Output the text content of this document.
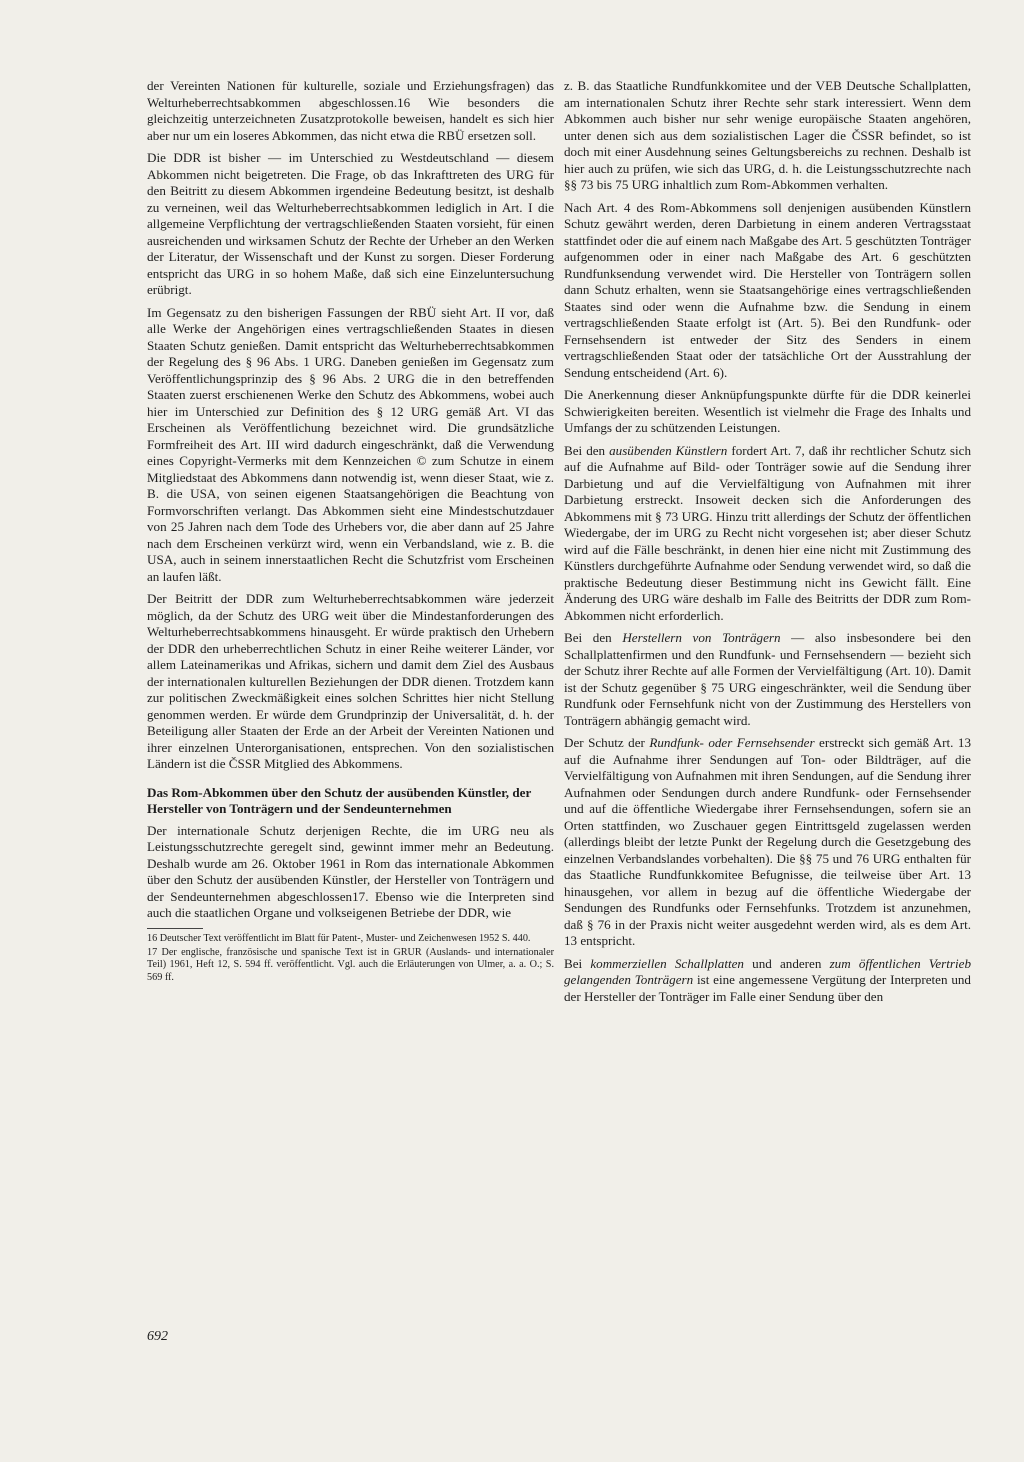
der Vereinten Nationen für kulturelle, soziale und Erziehungsfragen) das Welturheberrechtsabkommen abgeschlossen.16 Wie besonders die gleichzeitig unterzeichneten Zusatzprotokolle beweisen, handelt es sich hier aber nur um ein loseres Abkommen, das nicht etwa die RBÜ ersetzen soll.

Die DDR ist bisher — im Unterschied zu Westdeutschland — diesem Abkommen nicht beigetreten. Die Frage, ob das Inkrafttreten des URG für den Beitritt zu diesem Abkommen irgendeine Bedeutung besitzt, ist deshalb zu verneinen, weil das Welturheberrechtsabkommen lediglich in Art. I die allgemeine Verpflichtung der vertragschließenden Staaten vorsieht, für einen ausreichenden und wirksamen Schutz der Rechte der Urheber an den Werken der Literatur, der Wissenschaft und der Kunst zu sorgen. Dieser Forderung entspricht das URG in so hohem Maße, daß sich eine Einzeluntersuchung erübrigt.

Im Gegensatz zu den bisherigen Fassungen der RBÜ sieht Art. II vor, daß alle Werke der Angehörigen eines vertragschließenden Staates in diesen Staaten Schutz genießen. Damit entspricht das Welturheberrechtsabkommen der Regelung des § 96 Abs. 1 URG. Daneben genießen im Gegensatz zum Veröffentlichungsprinzip des § 96 Abs. 2 URG die in den betreffenden Staaten zuerst erschienenen Werke den Schutz des Abkommens, wobei auch hier im Unterschied zur Definition des § 12 URG gemäß Art. VI das Erscheinen als Veröffentlichung bezeichnet wird. Die grundsätzliche Formfreiheit des Art. III wird dadurch eingeschränkt, daß die Verwendung eines Copyright-Vermerks mit dem Kennzeichen © zum Schutze in einem Mitgliedstaat des Abkommens dann notwendig ist, wenn dieser Staat, wie z. B. die USA, von seinen eigenen Staatsangehörigen die Beachtung von Formvorschriften verlangt. Das Abkommen sieht eine Mindestschutzdauer von 25 Jahren nach dem Tode des Urhebers vor, die aber dann auf 25 Jahre nach dem Erscheinen verkürzt wird, wenn ein Verbandsland, wie z. B. die USA, auch in seinem innerstaatlichen Recht die Schutzfrist vom Erscheinen an laufen läßt.

Der Beitritt der DDR zum Welturheberrechtsabkommen wäre jederzeit möglich, da der Schutz des URG weit über die Mindestanforderungen des Welturheberrechtsabkommens hinausgeht. Er würde praktisch den Urhebern der DDR den urheberrechtlichen Schutz in einer Reihe weiterer Länder, vor allem Lateinamerikas und Afrikas, sichern und damit dem Ziel des Ausbaus der internationalen kulturellen Beziehungen der DDR dienen. Trotzdem kann zur politischen Zweckmäßigkeit eines solchen Schrittes hier nicht Stellung genommen werden. Er würde dem Grundprinzip der Universalität, d. h. der Beteiligung aller Staaten der Erde an der Arbeit der Vereinten Nationen und ihrer einzelnen Unterorganisationen, entsprechen. Von den sozialistischen Ländern ist die ČSSR Mitglied des Abkommens.

Das Rom-Abkommen über den Schutz der ausübenden Künstler, der Hersteller von Tonträgern und der Sendeunternehmen

Der internationale Schutz derjenigen Rechte, die im URG neu als Leistungsschutzrechte geregelt sind, gewinnt immer mehr an Bedeutung. Deshalb wurde am 26. Oktober 1961 in Rom das internationale Abkommen über den Schutz der ausübenden Künstler, der Hersteller von Tonträgern und der Sendeunternehmen abgeschlossen17. Ebenso wie die Interpreten sind auch die staatlichen Organe und volkseigenen Betriebe der DDR, wie

16 Deutscher Text veröffentlicht im Blatt für Patent-, Muster- und Zeichenwesen 1952 S. 440.

17 Der englische, französische und spanische Text ist in GRUR (Auslands- und internationaler Teil) 1961, Heft 12, S. 594 ff. veröffentlicht. Vgl. auch die Erläuterungen von Ulmer, a. a. O.; S. 569 ff.

z. B. das Staatliche Rundfunkkomitee und der VEB Deutsche Schallplatten, am internationalen Schutz ihrer Rechte sehr stark interessiert. Wenn dem Abkommen auch bisher nur sehr wenige europäische Staaten angehören, unter denen sich aus dem sozialistischen Lager die ČSSR befindet, so ist doch mit einer Ausdehnung seines Geltungsbereichs zu rechnen. Deshalb ist hier auch zu prüfen, wie sich das URG, d. h. die Leistungsschutzrechte nach §§ 73 bis 75 URG inhaltlich zum Rom-Abkommen verhalten.

Nach Art. 4 des Rom-Abkommens soll denjenigen ausübenden Künstlern Schutz gewährt werden, deren Darbietung in einem anderen Vertragsstaat stattfindet oder die auf einem nach Maßgabe des Art. 5 geschützten Tonträger aufgenommen oder in einer nach Maßgabe des Art. 6 geschützten Rundfunksendung verwendet wird. Die Hersteller von Tonträgern sollen dann Schutz erhalten, wenn sie Staatsangehörige eines vertragschließenden Staates sind oder wenn die Aufnahme bzw. die Sendung in einem vertragschließenden Staate erfolgt ist (Art. 5). Bei den Rundfunk- oder Fernsehsendern ist entweder der Sitz des Senders in einem vertragschließenden Staat oder der tatsächliche Ort der Ausstrahlung der Sendung entscheidend (Art. 6).

Die Anerkennung dieser Anknüpfungspunkte dürfte für die DDR keinerlei Schwierigkeiten bereiten. Wesentlich ist vielmehr die Frage des Inhalts und Umfangs der zu schützenden Leistungen.

Bei den ausübenden Künstlern fordert Art. 7, daß ihr rechtlicher Schutz sich auf die Aufnahme auf Bild- oder Tonträger sowie auf die Sendung ihrer Darbietung und auf die Vervielfältigung von Aufnahmen mit ihrer Darbietung erstreckt. Insoweit decken sich die Anforderungen des Abkommens mit § 73 URG. Hinzu tritt allerdings der Schutz der öffentlichen Wiedergabe, der im URG zu Recht nicht vorgesehen ist; aber dieser Schutz wird auf die Fälle beschränkt, in denen hier eine nicht mit Zustimmung des Künstlers durchgeführte Aufnahme oder Sendung verwendet wird, so daß die praktische Bedeutung dieser Bestimmung nicht ins Gewicht fällt. Eine Änderung des URG wäre deshalb im Falle des Beitritts der DDR zum Rom-Abkommen nicht erforderlich.

Bei den Herstellern von Tonträgern — also insbesondere bei den Schallplattenfirmen und den Rundfunk- und Fernsehsendern — bezieht sich der Schutz ihrer Rechte auf alle Formen der Vervielfältigung (Art. 10). Damit ist der Schutz gegenüber § 75 URG eingeschränkter, weil die Sendung über Rundfunk oder Fernsehfunk nicht von der Zustimmung des Herstellers von Tonträgern abhängig gemacht wird.

Der Schutz der Rundfunk- oder Fernsehsender erstreckt sich gemäß Art. 13 auf die Aufnahme ihrer Sendungen auf Ton- oder Bildträger, auf die Vervielfältigung von Aufnahmen mit ihren Sendungen, auf die Sendung ihrer Aufnahmen oder Sendungen durch andere Rundfunk- oder Fernsehsender und auf die öffentliche Wiedergabe ihrer Fernsehsendungen, sofern sie an Orten stattfinden, wo Zuschauer gegen Eintrittsgeld zugelassen werden (allerdings bleibt der letzte Punkt der Regelung durch die Gesetzgebung des einzelnen Verbandslandes vorbehalten). Die §§ 75 und 76 URG enthalten für das Staatliche Rundfunkkomitee Befugnisse, die teilweise über Art. 13 hinausgehen, vor allem in bezug auf die öffentliche Wiedergabe der Sendungen des Rundfunks oder Fernsehfunks. Trotzdem ist anzunehmen, daß § 76 in der Praxis nicht weiter ausgedehnt werden wird, als es dem Art. 13 entspricht.

Bei kommerziellen Schallplatten und anderen zum öffentlichen Vertrieb gelangenden Tonträgern ist eine angemessene Vergütung der Interpreten und der Hersteller der Tonträger im Falle einer Sendung über den

692
